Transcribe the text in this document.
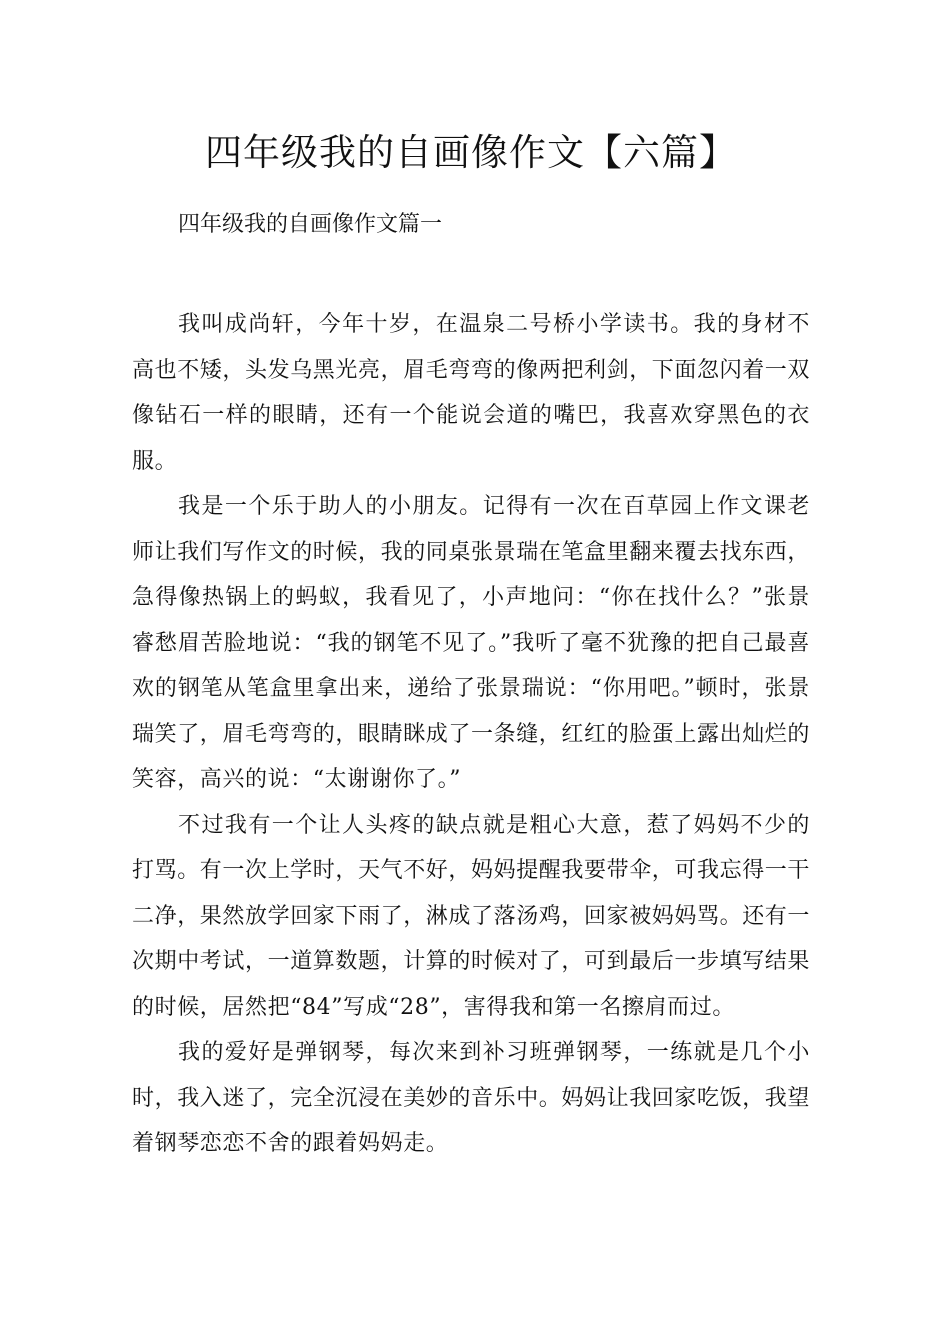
四年级我的自画像作文【六篇】

四年级我的自画像作文篇一

我叫成尚轩，今年十岁，在温泉二号桥小学读书。我的身材不高也不矮，头发乌黑光亮，眉毛弯弯的像两把利剑，下面忽闪着一双像钻石一样的眼睛，还有一个能说会道的嘴巴，我喜欢穿黑色的衣服。

我是一个乐于助人的小朋友。记得有一次在百草园上作文课老师让我们写作文的时候，我的同桌张景瑞在笔盒里翻来覆去找东西，急得像热锅上的蚂蚁，我看见了，小声地问：“你在找什么？”张景睿愁眉苦脸地说：“我的钢笔不见了。”我听了毫不犹豫的把自己最喜欢的钢笔从笔盒里拿出来，递给了张景瑞说：“你用吧。”顿时，张景瑞笑了，眉毛弯弯的，眼睛眯成了一条缝，红红的脸蛋上露出灿烂的笑容，高兴的说：“太谢谢你了。”

不过我有一个让人头疼的缺点就是粗心大意，惹了妈妈不少的打骂。有一次上学时，天气不好，妈妈提醒我要带伞，可我忘得一干二净，果然放学回家下雨了，淋成了落汤鸡，回家被妈妈骂。还有一次期中考试，一道算数题，计算的时候对了，可到最后一步填写结果的时候，居然把“84”写成“28”，害得我和第一名擦肩而过。

我的爱好是弹钢琴，每次来到补习班弹钢琴，一练就是几个小时，我入迷了，完全沉浸在美妙的音乐中。妈妈让我回家吃饭，我望着钢琴恋恋不舍的跟着妈妈走。
